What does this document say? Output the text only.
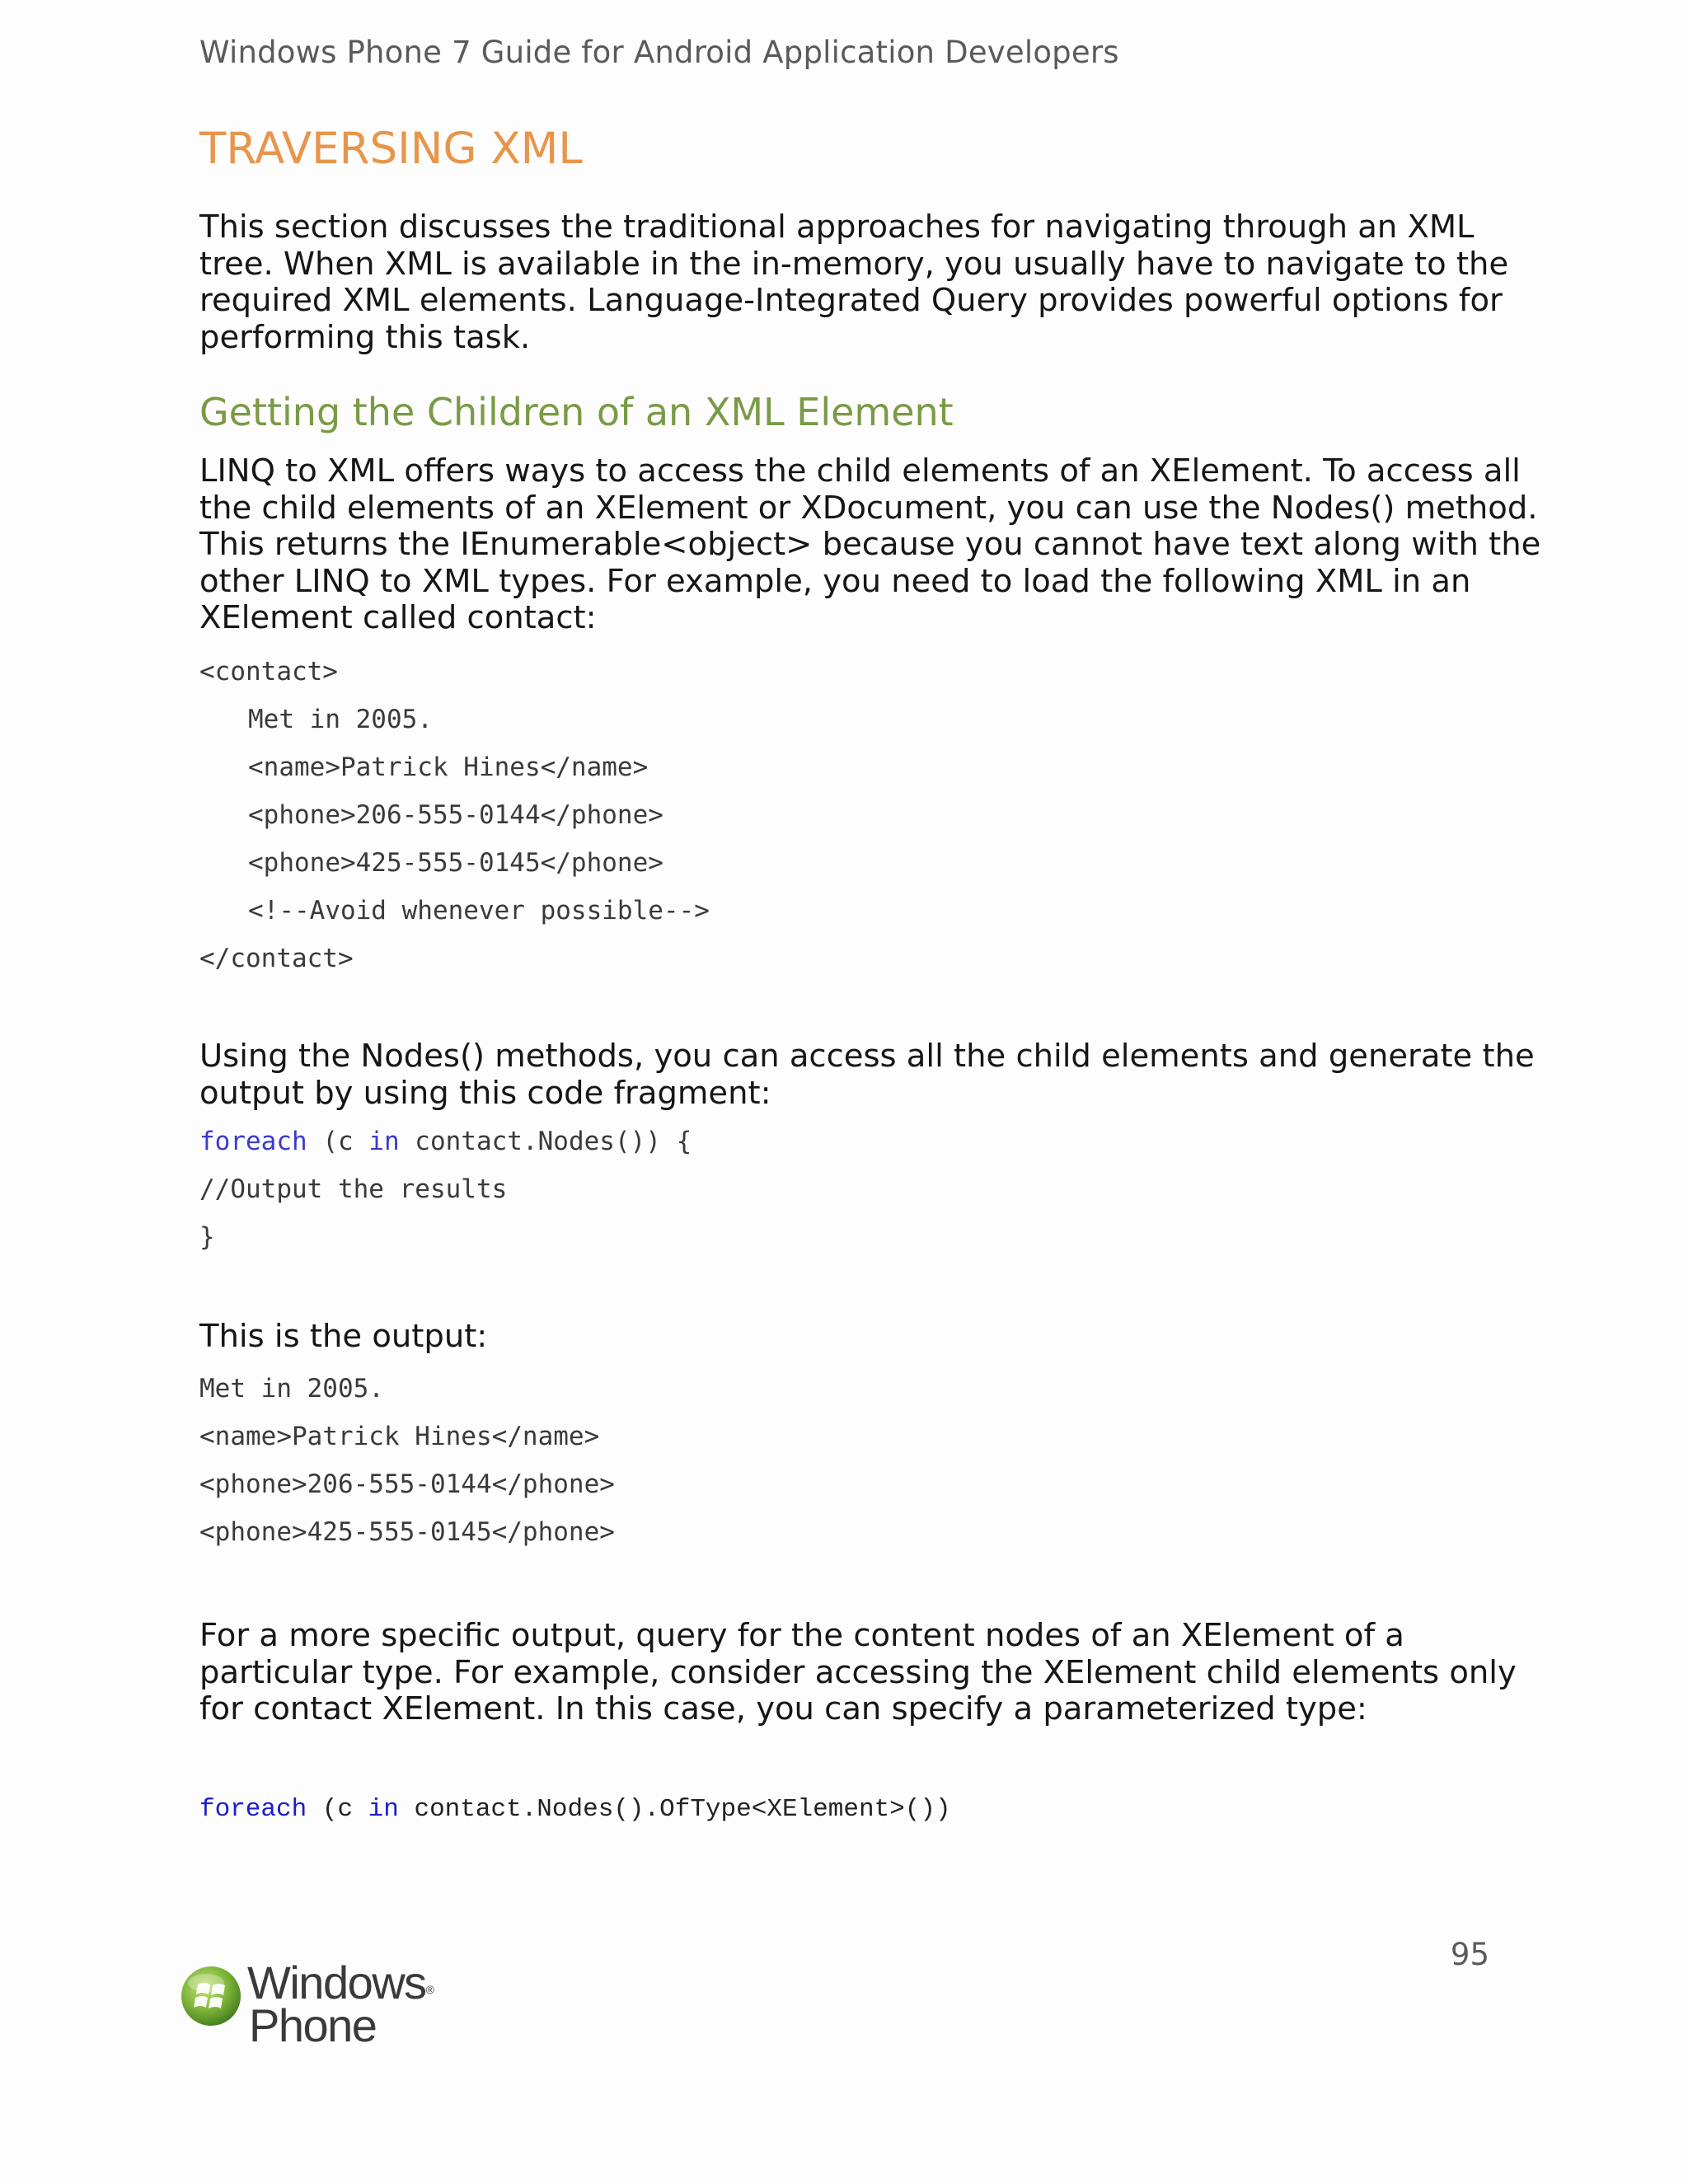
Windows Phone 7 Guide for Android Application Developers
TRAVERSING XML
This section discusses the traditional approaches for navigating through an XML
tree. When XML is available in the in-memory, you usually have to navigate to the
required XML elements. Language-Integrated Query provides powerful options for
performing this task.
Getting the Children of an XML Element
LINQ to XML offers ways to access the child elements of an XElement. To access all
the child elements of an XElement or XDocument, you can use the Nodes() method.
This returns the IEnumerable<object> because you cannot have text along with the
other LINQ to XML types. For example, you need to load the following XML in an
XElement called contact:
<contact>
Met in 2005.
<name>Patrick Hines</name>
<phone>206-555-0144</phone>
<phone>425-555-0145</phone>
<!--Avoid whenever possible-->
</contact>
Using the Nodes() methods, you can access all the child elements and generate the
output by using this code fragment:
foreach (c in contact.Nodes()) {
//Output the results
}
This is the output:
Met in 2005.
<name>Patrick Hines</name>
<phone>206-555-0144</phone>
<phone>425-555-0145</phone>
For a more specific output, query for the content nodes of an XElement of a
particular type. For example, consider accessing the XElement child elements only
for contact XElement. In this case, you can specify a parameterized type:
foreach (c in contact.Nodes().OfType<XElement>())
95
Windows®
Phone
